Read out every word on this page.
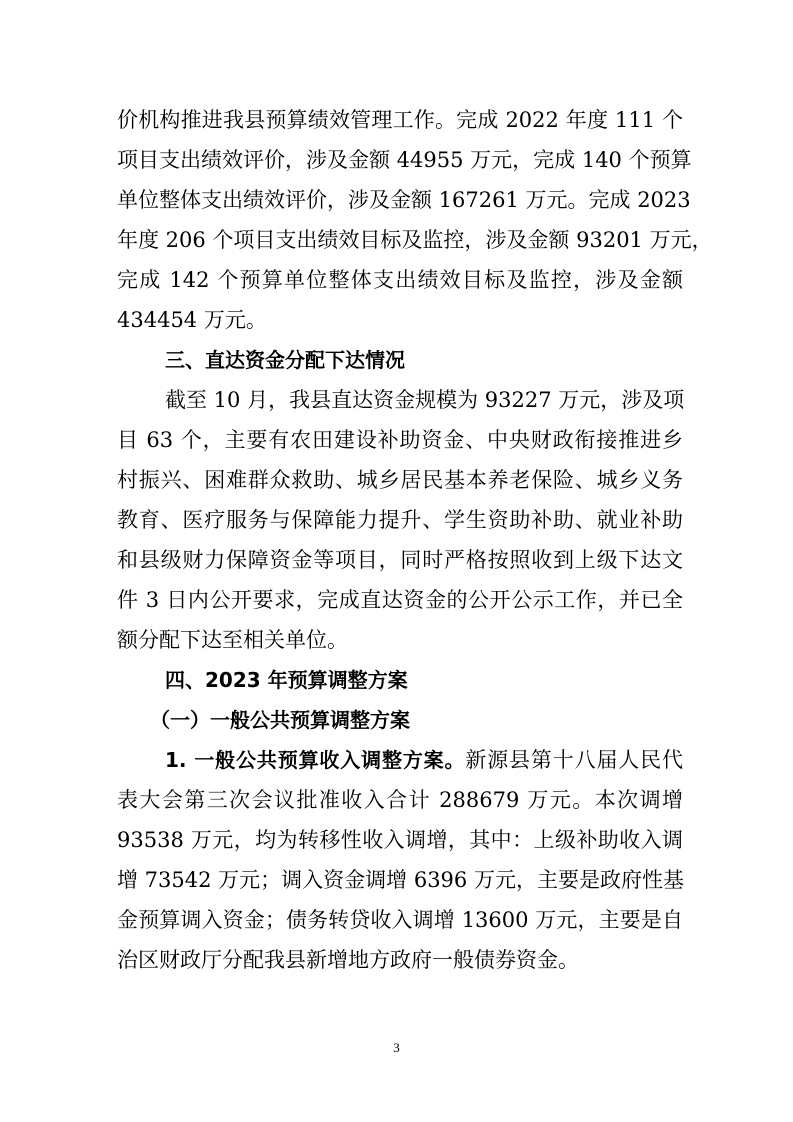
价机构推进我县预算绩效管理工作。完成 2022 年度 111 个
项目支出绩效评价，涉及金额 44955 万元，完成 140 个预算
单位整体支出绩效评价，涉及金额 167261 万元。完成 2023
年度 206 个项目支出绩效目标及监控，涉及金额 93201 万元，
完成 142 个预算单位整体支出绩效目标及监控，涉及金额
434454 万元。
三、直达资金分配下达情况
截至 10 月，我县直达资金规模为 93227 万元，涉及项
目 63 个，主要有农田建设补助资金、中央财政衔接推进乡
村振兴、困难群众救助、城乡居民基本养老保险、城乡义务
教育、医疗服务与保障能力提升、学生资助补助、就业补助
和县级财力保障资金等项目，同时严格按照收到上级下达文
件 3 日内公开要求，完成直达资金的公开公示工作，并已全
额分配下达至相关单位。
四、2023 年预算调整方案
（一）一般公共预算调整方案
1. 一般公共预算收入调整方案。新源县第十八届人民代
表大会第三次会议批准收入合计 288679 万元。本次调增
93538 万元，均为转移性收入调增，其中：上级补助收入调
增 73542 万元；调入资金调增 6396 万元，主要是政府性基
金预算调入资金；债务转贷收入调增 13600 万元，主要是自
治区财政厅分配我县新增地方政府一般债券资金。
3
